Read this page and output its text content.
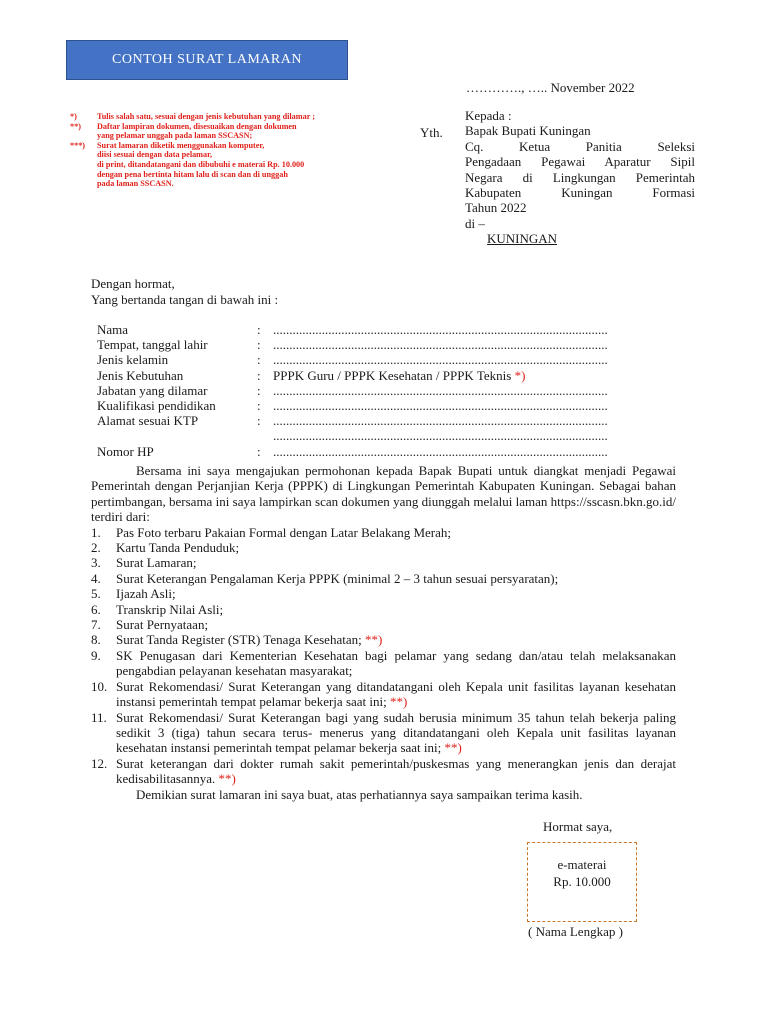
CONTOH SURAT LAMARAN
*)	Tulis salah satu, sesuai dengan jenis kebutuhan yang dilamar ;
**)	Daftar lampiran dokumen, disesuaikan dengan dokumen
yang pelamar unggah pada laman SSCASN;
***)	Surat lamaran diketik menggunakan komputer,
diisi sesuai dengan data pelamar,
di print, ditandatangani dan dibubuhi e materai Rp. 10.000
dengan pena bertinta hitam lalu di scan dan di unggah
pada laman SSCASN.
…………., ….. November 2022
Yth.
Kepada :
Bapak Bupati Kuningan
Cq. Ketua Panitia Seleksi
Pengadaan Pegawai Aparatur Sipil
Negara di Lingkungan Pemerintah
Kabupaten Kuningan Formasi
Tahun 2022
di –
KUNINGAN
Dengan hormat,
Yang bertanda tangan di bawah ini :
Nama	: .......................................................................................................
Tempat, tanggal lahir	: .......................................................................................................
Jenis kelamin	: .......................................................................................................
Jenis Kebutuhan	: PPPK Guru / PPPK Kesehatan / PPPK Teknis *)
Jabatan yang dilamar	: .......................................................................................................
Kualifikasi pendidikan	: .......................................................................................................
Alamat sesuai KTP	: .......................................................................................................
.......................................................................................................
Nomor HP	: .......................................................................................................
Bersama ini saya mengajukan permohonan kepada Bapak Bupati untuk diangkat menjadi Pegawai Pemerintah dengan Perjanjian Kerja (PPPK) di Lingkungan Pemerintah Kabupaten Kuningan. Sebagai bahan pertimbangan, bersama ini saya lampirkan scan dokumen yang diunggah melalui laman https://sscasn.bkn.go.id/ terdiri dari:
1.	Pas Foto terbaru Pakaian Formal dengan Latar Belakang Merah;
2.	Kartu Tanda Penduduk;
3.	Surat Lamaran;
4.	Surat Keterangan Pengalaman Kerja PPPK (minimal 2 – 3 tahun sesuai persyaratan);
5.	Ijazah Asli;
6.	Transkrip Nilai Asli;
7.	Surat Pernyataan;
8.	Surat Tanda Register (STR) Tenaga Kesehatan; **)
9.	SK Penugasan dari Kementerian Kesehatan bagi pelamar yang sedang dan/atau telah melaksanakan pengabdian pelayanan kesehatan masyarakat;
10. Surat Rekomendasi/ Surat Keterangan yang ditandatangani oleh Kepala unit fasilitas layanan kesehatan instansi pemerintah tempat pelamar bekerja saat ini; **)
11. Surat Rekomendasi/ Surat Keterangan bagi yang sudah berusia minimum 35 tahun telah bekerja paling sedikit 3 (tiga) tahun secara terus- menerus yang ditandatangani oleh Kepala unit fasilitas layanan kesehatan instansi pemerintah tempat pelamar bekerja saat ini; **)
12. Surat keterangan dari dokter rumah sakit pemerintah/puskesmas yang menerangkan jenis dan derajat kedisabilitasannya. **)
Demikian surat lamaran ini saya buat, atas perhatiannya saya sampaikan terima kasih.
Hormat saya,
e-materai
Rp. 10.000
( Nama Lengkap )
